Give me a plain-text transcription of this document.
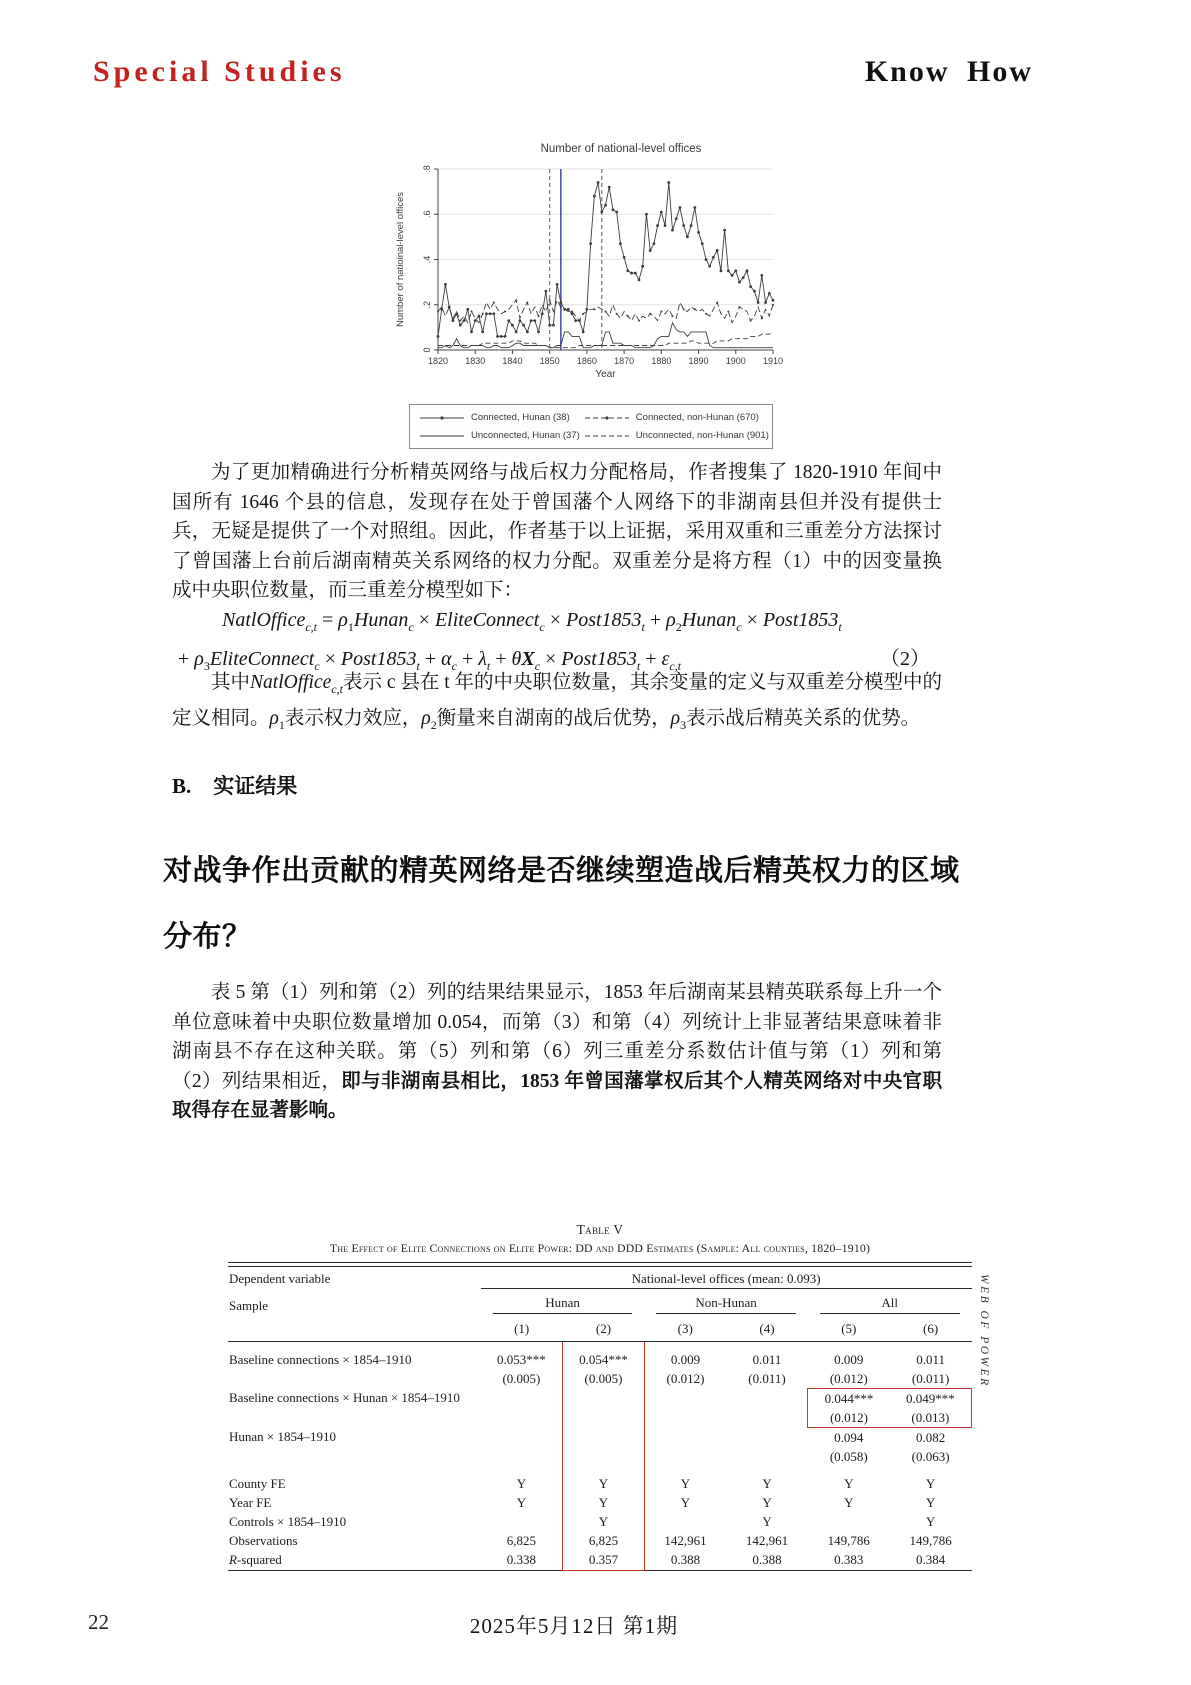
Special Studies	Know How
Number of national-level offices
0
.2
.4
.6
.8
1820 1830 1840 1850 1860 1870 1880 1890 1900 1910
Year
Number of natioinal-level offices
Connected, Hunan (38)	Connected, non-Hunan (670)
Unconnected, Hunan (37)	Unconnected, non-Hunan (901)
为了更加精确进行分析精英网络与战后权力分配格局，作者搜集了 1820-1910 年间中国所有 1646 个县的信息，发现存在处于曾国藩个人网络下的非湖南县但并没有提供士兵，无疑是提供了一个对照组。因此，作者基于以上证据，采用双重和三重差分方法探讨了曾国藩上台前后湖南精英关系网络的权力分配。双重差分是将方程（1）中的因变量换成中央职位数量，而三重差分模型如下：
NatlOffice$_{c,t}$ = $\rho_1Hunan_c$ × EliteConnect$_c$ × $Post1853_t$ + $\rho_2Hunan_c$ × $Post1853_t$
+ $\rho_3EliteConnect_c$ × $Post1853_t + \alpha_c + \lambda_t + \theta X_c$ × $Post1853_t + \varepsilon_{c,t}$	（2）
其中NatlOffice$_{c,t}$表示 c 县在 t 年的中央职位数量，其余变量的定义与双重差分模型中的定义相同。$\rho_1$表示权力效应，$\rho_2$衡量来自湖南的战后优势，$\rho_3$表示战后精英关系的优势。
B. 实证结果
对战争作出贡献的精英网络是否继续塑造战后精英权力的区域分布？
表 5 第（1）列和第（2）列的结果结果显示，1853 年后湖南某县精英联系每上升一个单位意味着中央职位数量增加 0.054，而第（3）和第（4）列统计上非显著结果意味着非湖南县不存在这种关联。第（5）列和第（6）列三重差分系数估计值与第（1）列和第（2）列结果相近，即与非湖南县相比，1853 年曾国藩掌权后其个人精英网络对中央官职取得存在显著影响。
Table V
The Effect of Elite Connections on Elite Power: DD and DDD Estimates (Sample: All counties, 1820–1910)
Dependent variable	National-level offices (mean: 0.093)					
Sample	Hunan		Non-Hunan		All	

	(1)	(2)	(3)	(4)	(5)	(6)
Baseline connections × 1854–1910	0.053***	0.054***	0.009	0.011	0.009	0.011
	(0.005)	(0.005)	(0.012)	(0.011)	(0.012)	(0.011)
Baseline connections × Hunan × 1854–1910					0.044***	0.049***
					(0.012)	(0.013)
Hunan × 1854–1910					0.094	0.082
					(0.058)	(0.063)
County FE	Y	Y	Y	Y	Y	Y
Year FE	Y	Y	Y	Y	Y	Y
Controls × 1854–1910		Y		Y		Y
Observations	6,825	6,825	142,961	142,961	149,786	149,786
R-squared	0.338	0.357	0.388	0.388	0.383	0.384
WEB OF POWER
22	2025年5月12日 第1期
